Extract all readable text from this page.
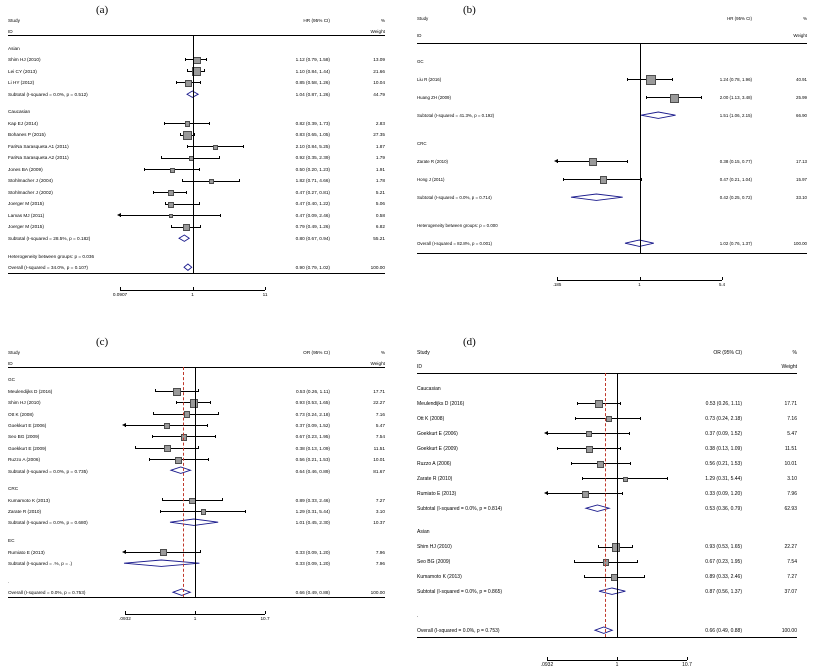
(a)	(b)
(c)	(d)
Study	HR (95% CI)	%
ID	Weight
Asian
Shim HJ (2010)	1.12 (0.79, 1.58)	13.09
Lei CY (2013)	1.10 (0.84, 1.44)	21.66
Li HY (2012)	0.85 (0.58, 1.26)	10.04
Subtotal (I-squared = 0.0%, p = 0.512)	1.04 (0.87, 1.26)	44.79
Caucasian
Kap EJ (2014)	0.82 (0.39, 1.73)	2.83
Bohanes P (2015)	0.83 (0.65, 1.05)	27.35
FariNa Sarasqueta A1 (2011)	2.10 (0.84, 5.25)	1.87
FariNa Sarasqueta A2 (2011)	0.92 (0.35, 2.39)	1.79
Jones BA (2009)	0.50 (0.20, 1.23)	1.91
Stohlmacher J (2004)	1.82 (0.71, 4.66)	1.78
Stohlmacher J (2002)	0.47 (0.27, 0.81)	5.21
Joerger M (2015)	0.47 (0.40, 1.22)	5.06
Lamas MJ (2011)	0.47 (0.09, 2.46)	0.58
Joerger M (2015)	0.79 (0.49, 1.26)	6.82
Subtotal (I-squared = 28.5%, p = 0.182)	0.80 (0.67, 0.94)	55.21
Heterogeneity between groups: p = 0.036
Overall (I-squared = 34.0%, p = 0.107)	0.90 (0.79, 1.02)	100.00
0.0907	1	11
Study	HR (95% CI)	%
ID	Weight
GC
Liu R (2016)	1.24 (0.78, 1.96)	40.91
Huang ZH (2009)	2.00 (1.13, 3.48)	25.99
Subtotal (I-squared = 41.3%, p = 0.192)	1.51 (1.06, 2.15)	66.90
CRC
Zarate R (2010)	0.38 (0.15, 0.77)	17.13
Hong J (2011)	0.47 (0.21, 1.04)	15.97
Subtotal (I-squared = 0.0%, p = 0.714)	0.42 (0.25, 0.72)	33.10
Heterogeneity between groups: p = 0.000
Overall (I-squared = 82.8%, p = 0.001)	1.02 (0.76, 1.37)	100.00
.185	1	5.4
Study	OR (95% CI)	%
ID	Weight
GC
Meulendijks D (2016)	0.53 (0.26, 1.11)	17.71
Shim HJ (2010)	0.93 (0.53, 1.65)	22.27
Ott K (2008)	0.73 (0.24, 2.18)	7.16
Goekkurt E (2006)	0.37 (0.09, 1.52)	5.47
Seo BG (2009)	0.67 (0.23, 1.95)	7.54
Goekkurt E (2009)	0.38 (0.13, 1.09)	11.51
Ruzzo A (2006)	0.56 (0.21, 1.53)	10.01
Subtotal (I-squared = 0.0%, p = 0.735)	0.64 (0.46, 0.89)	81.67
CRC
Kumamoto K (2013)	0.89 (0.33, 2.46)	7.27
Zarate R (2010)	1.29 (0.31, 5.44)	3.10
Subtotal (I-squared = 0.0%, p = 0.680)	1.01 (0.45, 2.30)	10.37
EC
Rumiato E (2013)	0.33 (0.09, 1.20)	7.96
Subtotal (I-squared = .%, p = .)	0.33 (0.09, 1.20)	7.96
.
Overall (I-squared = 0.0%, p = 0.753)	0.66 (0.49, 0.88)	100.00
.0932	1	10.7
Study	OR (95% CI)	%
ID	Weight
Caucasian
Meulendijks D (2016)	0.53 (0.26, 1.11)	17.71
Ott K (2008)	0.73 (0.24, 2.18)	7.16
Goekkurt E (2006)	0.37 (0.09, 1.52)	5.47
Goekkurt E (2009)	0.38 (0.13, 1.09)	11.51
Ruzzo A (2006)	0.56 (0.21, 1.53)	10.01
Zarate R (2010)	1.29 (0.31, 5.44)	3.10
Rumiato E (2013)	0.33 (0.09, 1.20)	7.96
Subtotal (I-squared = 0.0%, p = 0.814)	0.53 (0.36, 0.79)	62.93
Asian
Shim HJ (2010)	0.93 (0.53, 1.65)	22.27
Seo BG (2009)	0.67 (0.23, 1.95)	7.54
Kumamoto K (2013)	0.89 (0.33, 2.46)	7.27
Subtotal (I-squared = 0.0%, p = 0.865)	0.87 (0.56, 1.37)	37.07
.
Overall (I-squared = 0.0%, p = 0.753)	0.66 (0.49, 0.88)	100.00
.0932	1	10.7
